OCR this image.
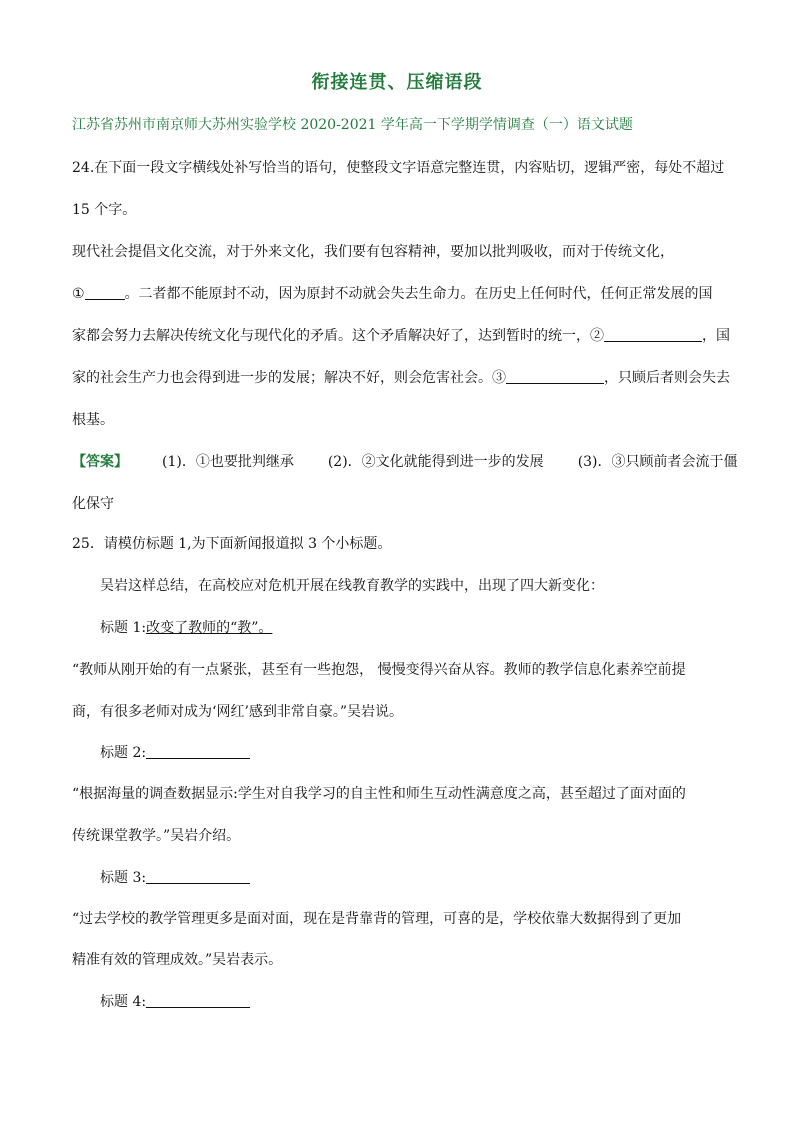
衔接连贯、压缩语段
江苏省苏州市南京师大苏州实验学校 2020-2021 学年高一下学期学情调查（一）语文试题
24.在下面一段文字横线处补写恰当的语句，使整段文字语意完整连贯，内容贴切，逻辑严密，每处不超过
15 个字。
现代社会提倡文化交流，对于外来文化，我们要有包容精神，要加以批判吸收，而对于传统文化，
①	。二者都不能原封不动，因为原封不动就会失去生命力。在历史上任何时代，任何正常发展的国
家都会努力去解决传统文化与现代化的矛盾。这个矛盾解决好了，达到暂时的统一，②	，国
家的社会生产力也会得到进一步的发展；解决不好，则会危害社会。③	，只顾后者则会失去
根基。
【答案】 (1)．①也要批判继承 (2)．②文化就能得到进一步的发展 (3)．③只顾前者会流于僵
化保守
25．请模仿标题 1,为下面新闻报道拟 3 个小标题。
吴岩这样总结，在高校应对危机开展在线教育教学的实践中，出现了四大新变化：
标题 1:改变了教师的“教”。
“教师从刚开始的有一点紧张，甚至有一些抱怨， 慢慢变得兴奋从容。教师的教学信息化素养空前提
商，有很多老师对成为‘网红’感到非常自豪。”吴岩说。
标题 2:
“根据海量的调查数据显示:学生对自我学习的自主性和师生互动性满意度之高，甚至超过了面对面的
传统课堂教学。”吴岩介绍。
标题 3:
“过去学校的教学管理更多是面对面，现在是背靠背的管理，可喜的是，学校依靠大数据得到了更加
精准有效的管理成效。”吴岩表示。
标题 4:
